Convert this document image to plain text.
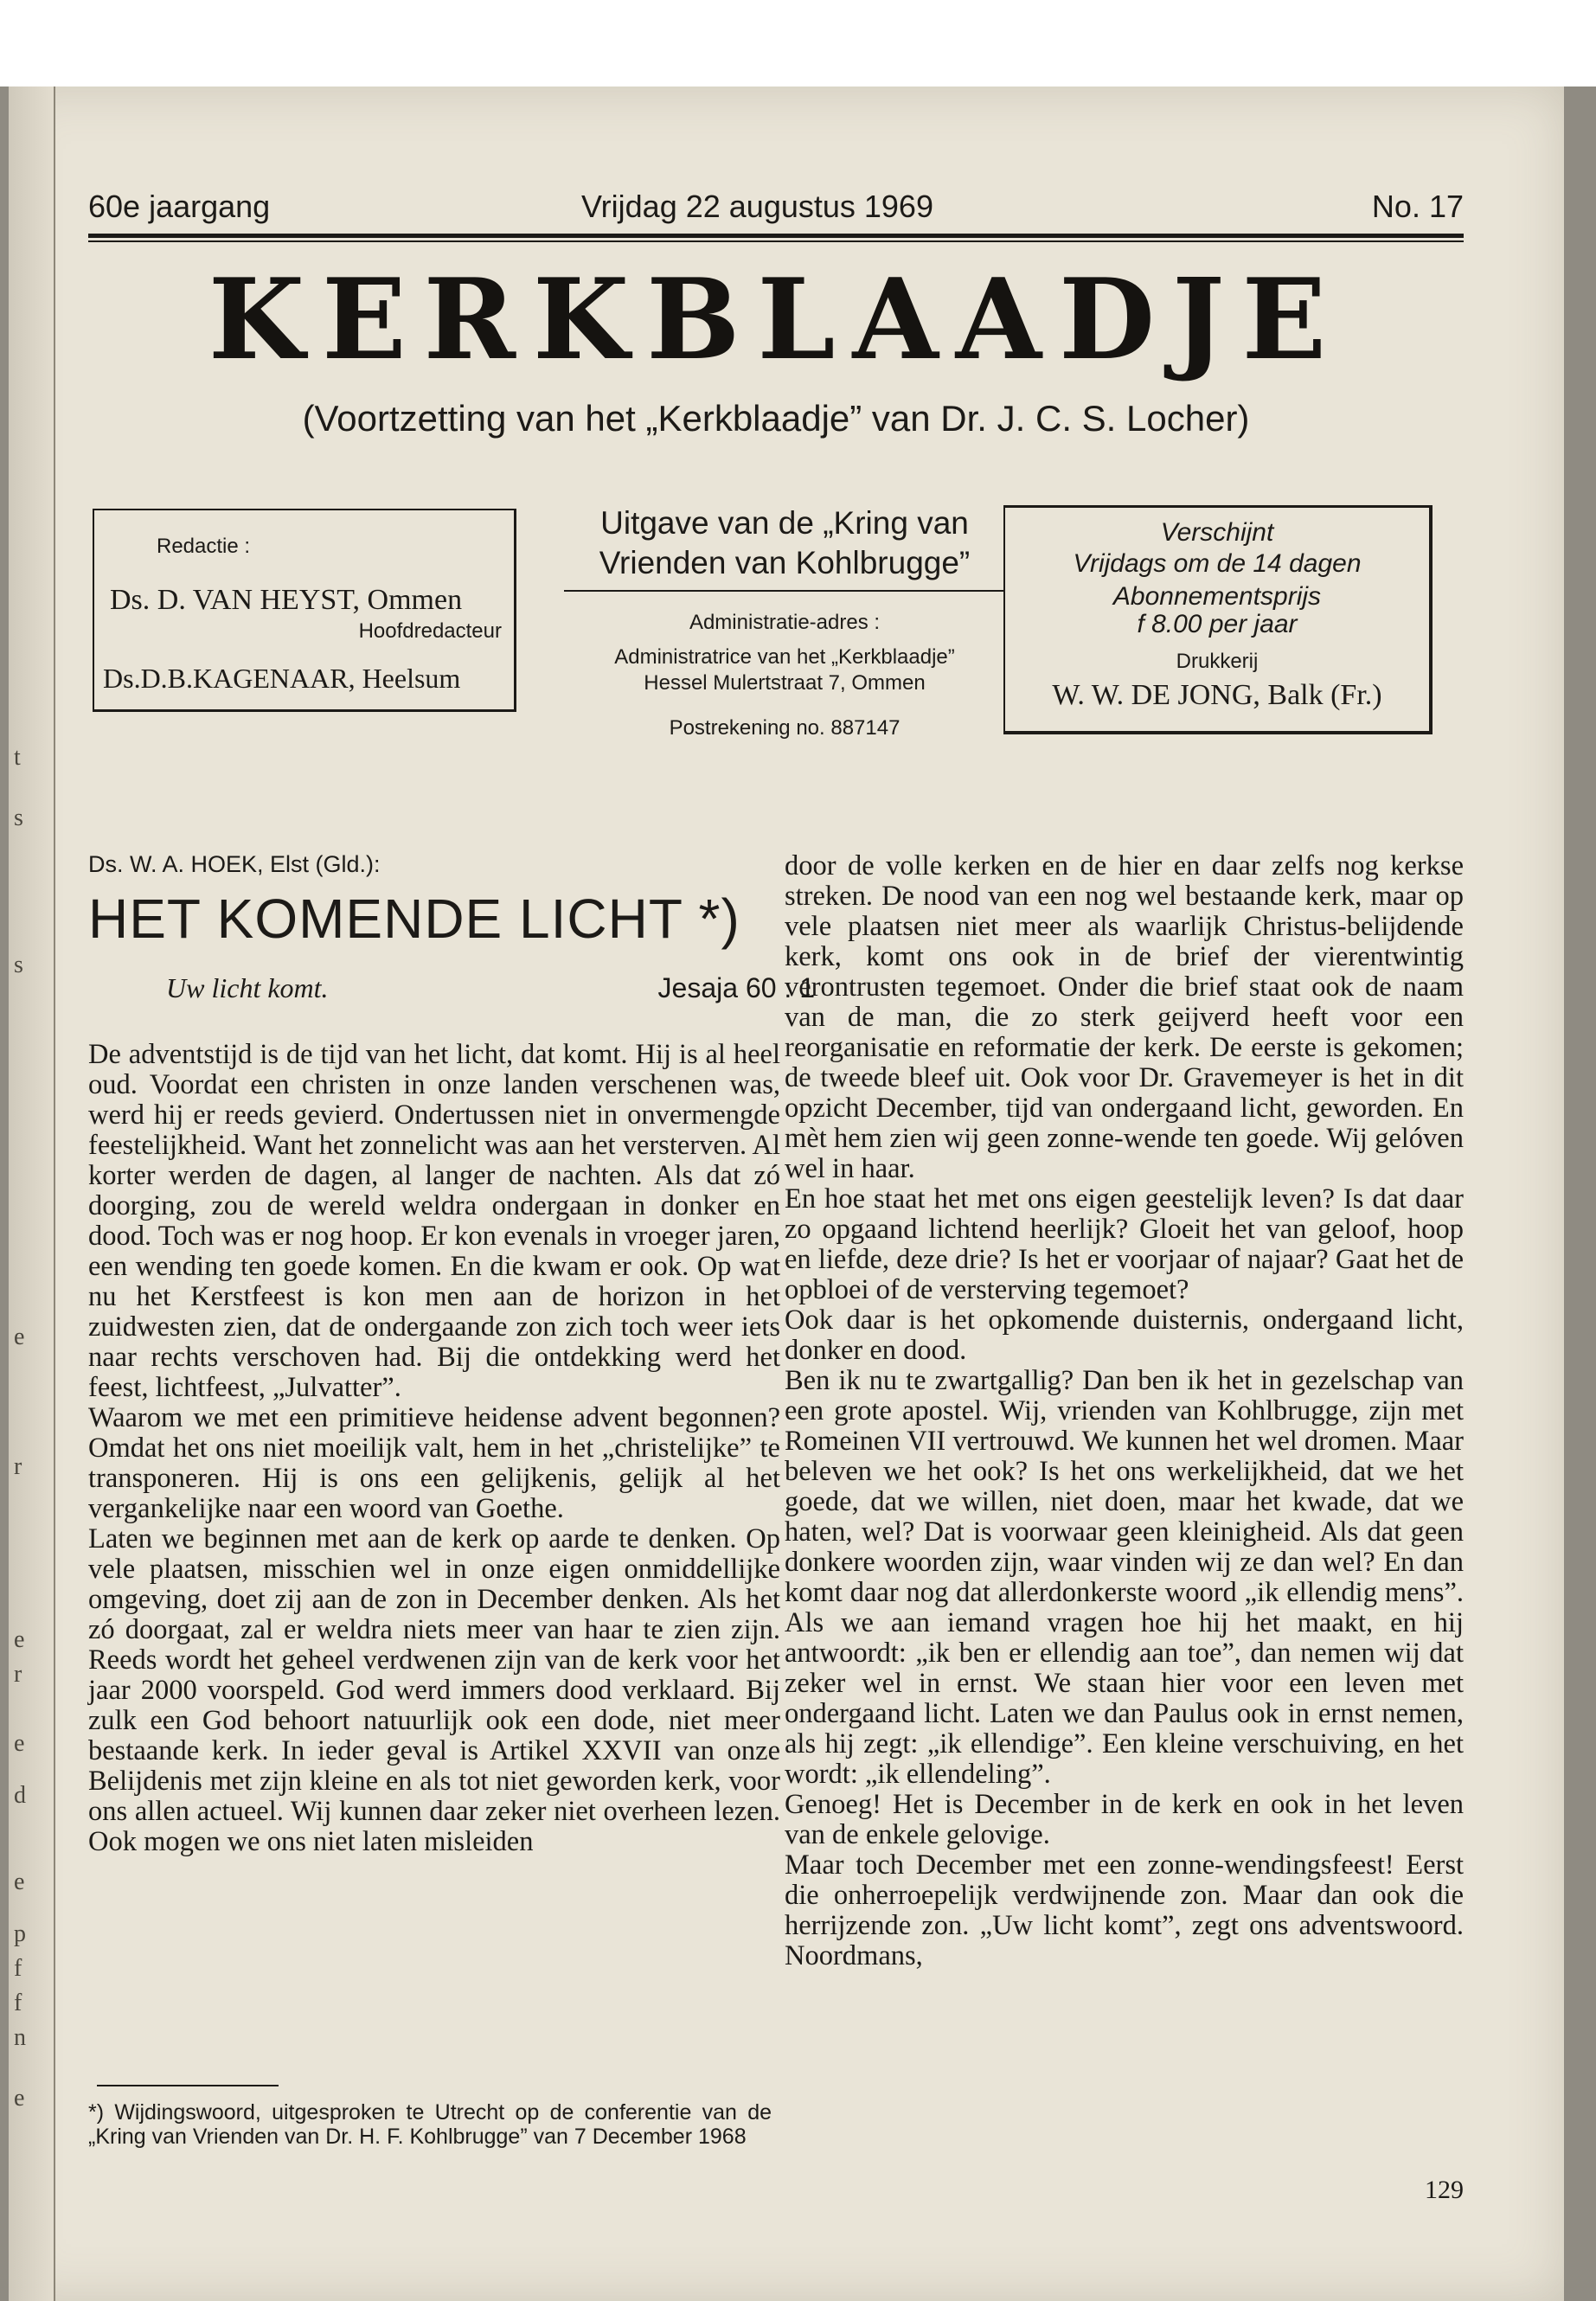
60e jaargang	Vrijdag 22 augustus 1969	No. 17
KERKBLAADJE
(Voortzetting van het „Kerkblaadje” van Dr. J. C. S. Locher)
Redactie :
Ds. D. VAN HEYST, Ommen
Hoofdredacteur
Ds.D.B.KAGENAAR, Heelsum
Uitgave van de „Kring van
Vrienden van Kohlbrugge”
Administratie-adres :
Administratrice van het „Kerkblaadje”
Hessel Mulertstraat 7, Ommen
Postrekening no. 887147
Verschijnt
Vrijdags om de 14 dagen
Abonnementsprijs
f 8.00 per jaar
Drukkerij
W. W. DE JONG, Balk (Fr.)
Ds. W. A. HOEK, Elst (Gld.):
HET KOMENDE LICHT *)
Uw licht komt.	Jesaja 60 : 1

De adventstijd is de tijd van het licht, dat komt. Hij is al heel oud. Voordat een christen in onze landen verschenen was, werd hij er reeds gevierd. Ondertussen niet in onvermengde feestelijkheid. Want het zonnelicht was aan het versterven. Al korter werden de dagen, al langer de nachten. Als dat zó doorging, zou de wereld weldra ondergaan in donker en dood. Toch was er nog hoop. Er kon evenals in vroeger jaren, een wending ten goede komen. En die kwam er ook. Op wat nu het Kerstfeest is kon men aan de horizon in het zuidwesten zien, dat de ondergaande zon zich toch weer iets naar rechts verschoven had. Bij die ontdekking werd het feest, lichtfeest, „Julvatter”.

Waarom we met een primitieve heidense advent begonnen? Omdat het ons niet moeilijk valt, hem in het „christelijke” te transponeren. Hij is ons een gelijkenis, gelijk al het vergankelijke naar een woord van Goethe.

Laten we beginnen met aan de kerk op aarde te denken. Op vele plaatsen, misschien wel in onze eigen onmiddellijke omgeving, doet zij aan de zon in December denken. Als het zó doorgaat, zal er weldra niets meer van haar te zien zijn. Reeds wordt het geheel verdwenen zijn van de kerk voor het jaar 2000 voorspeld. God werd immers dood verklaard. Bij zulk een God behoort natuurlijk ook een dode, niet meer bestaande kerk. In ieder geval is Artikel XXVII van onze Belijdenis met zijn kleine en als tot niet geworden kerk, voor ons allen actueel. Wij kunnen daar zeker niet overheen lezen. Ook mogen we ons niet laten misleiden

*) Wijdingswoord, uitgesproken te Utrecht op de conferentie van de „Kring van Vrienden van Dr. H. F. Kohlbrugge” van 7 December 1968

door de volle kerken en de hier en daar zelfs nog kerkse streken. De nood van een nog wel bestaande kerk, maar op vele plaatsen niet meer als waarlijk Christus-belijdende kerk, komt ons ook in de brief der vierentwintig verontrusten tegemoet. Onder die brief staat ook de naam van de man, die zo sterk geijverd heeft voor een reorganisatie en reformatie der kerk. De eerste is gekomen; de tweede bleef uit. Ook voor Dr. Gravemeyer is het in dit opzicht December, tijd van ondergaand licht, geworden. En mèt hem zien wij geen zonne-wende ten goede. Wij gelóven wel in haar.

En hoe staat het met ons eigen geestelijk leven? Is dat daar zo opgaand lichtend heerlijk? Gloeit het van geloof, hoop en liefde, deze drie? Is het er voorjaar of najaar? Gaat het de opbloei of de versterving tegemoet?

Ook daar is het opkomende duisternis, ondergaand licht, donker en dood.

Ben ik nu te zwartgallig? Dan ben ik het in gezelschap van een grote apostel. Wij, vrienden van Kohlbrugge, zijn met Romeinen VII vertrouwd. We kunnen het wel dromen. Maar beleven we het ook? Is het ons werkelijkheid, dat we het goede, dat we willen, niet doen, maar het kwade, dat we haten, wel? Dat is voorwaar geen kleinigheid. Als dat geen donkere woorden zijn, waar vinden wij ze dan wel? En dan komt daar nog dat allerdonkerste woord „ik ellendig mens”. Als we aan iemand vragen hoe hij het maakt, en hij antwoordt: „ik ben er ellendig aan toe”, dan nemen wij dat zeker wel in ernst. We staan hier voor een leven met ondergaand licht. Laten we dan Paulus ook in ernst nemen, als hij zegt: „ik ellendige”. Een kleine verschuiving, en het wordt: „ik ellendeling”.

Genoeg! Het is December in de kerk en ook in het leven van de enkele gelovige.

Maar toch December met een zonne-wendingsfeest! Eerst die onherroepelijk verdwijnende zon. Maar dan ook die herrijzende zon. „Uw licht komt”, zegt ons adventswoord. Noordmans,

129
t
s
s
e
r
e
r
e
d
e
p
f
f
n
e
